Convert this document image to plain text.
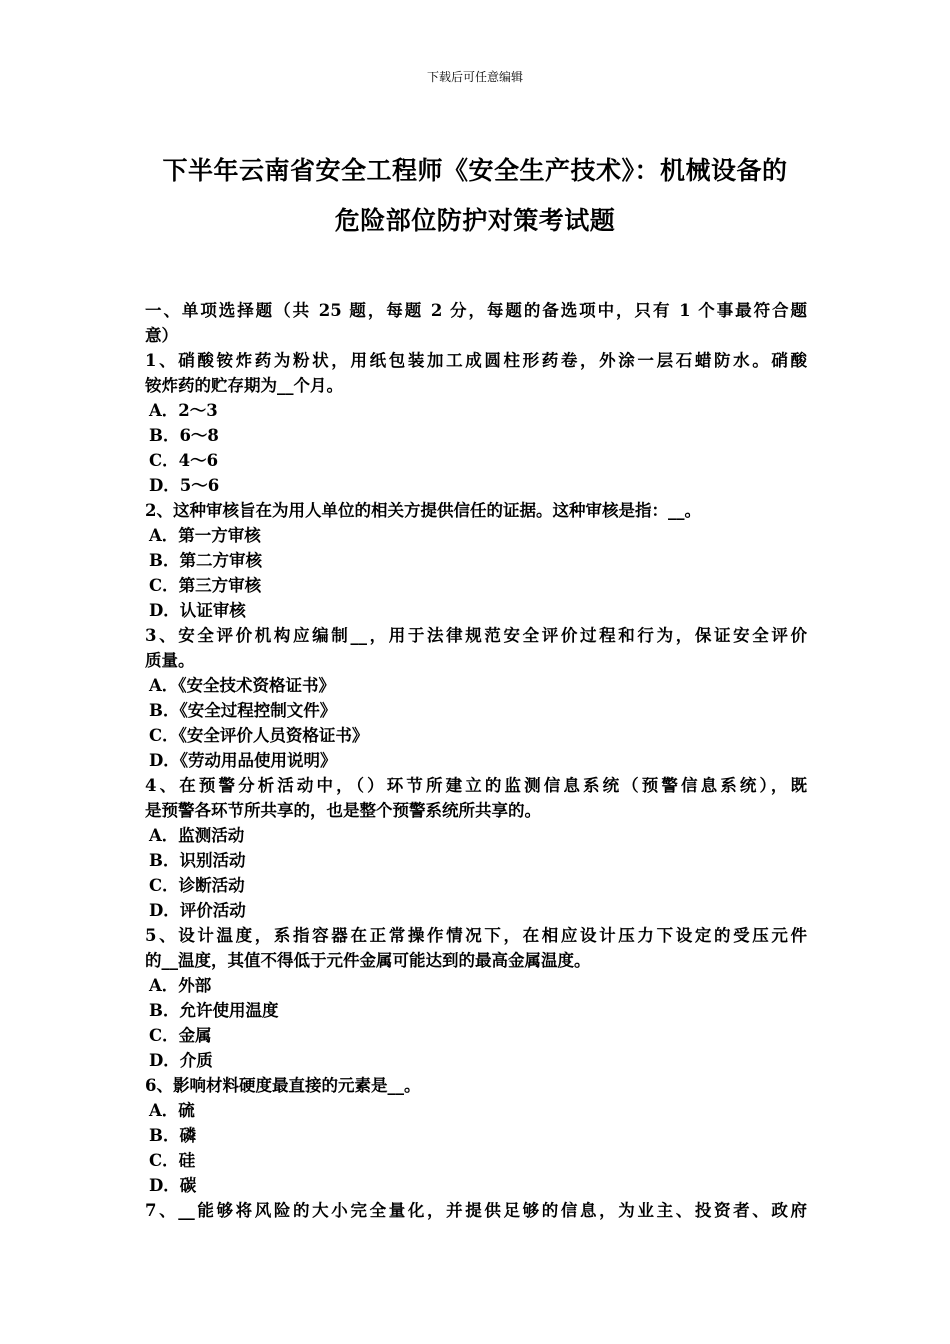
下载后可任意编辑
下半年云南省安全工程师《安全生产技术》：机械设备的
危险部位防护对策考试题
一、单项选择题（共 25 题，每题 2 分，每题的备选项中，只有 1 个事最符合题
意）
1、硝酸铵炸药为粉状，用纸包装加工成圆柱形药卷，外涂一层石蜡防水。硝酸
铵炸药的贮存期为__个月。
A．2～3
B．6～8
C．4～6
D．5～6
2、这种审核旨在为用人单位的相关方提供信任的证据。这种审核是指：__。
A．第一方审核
B．第二方审核
C．第三方审核
D．认证审核
3、安全评价机构应编制__，用于法律规范安全评价过程和行为，保证安全评价
质量。
A．《安全技术资格证书》
B．《安全过程控制文件》
C．《安全评价人员资格证书》
D．《劳动用品使用说明》
4、在预警分析活动中，（）环节所建立的监测信息系统（预警信息系统），既
是预警各环节所共享的，也是整个预警系统所共享的。
A．监测活动
B．识别活动
C．诊断活动
D．评价活动
5、设计温度，系指容器在正常操作情况下，在相应设计压力下设定的受压元件
的__温度，其值不得低于元件金属可能达到的最高金属温度。
A．外部
B．允许使用温度
C．金属
D．介质
6、影响材料硬度最直接的元素是__。
A．硫
B．磷
C．硅
D．碳
7、__能够将风险的大小完全量化，并提供足够的信息，为业主、投资者、政府
